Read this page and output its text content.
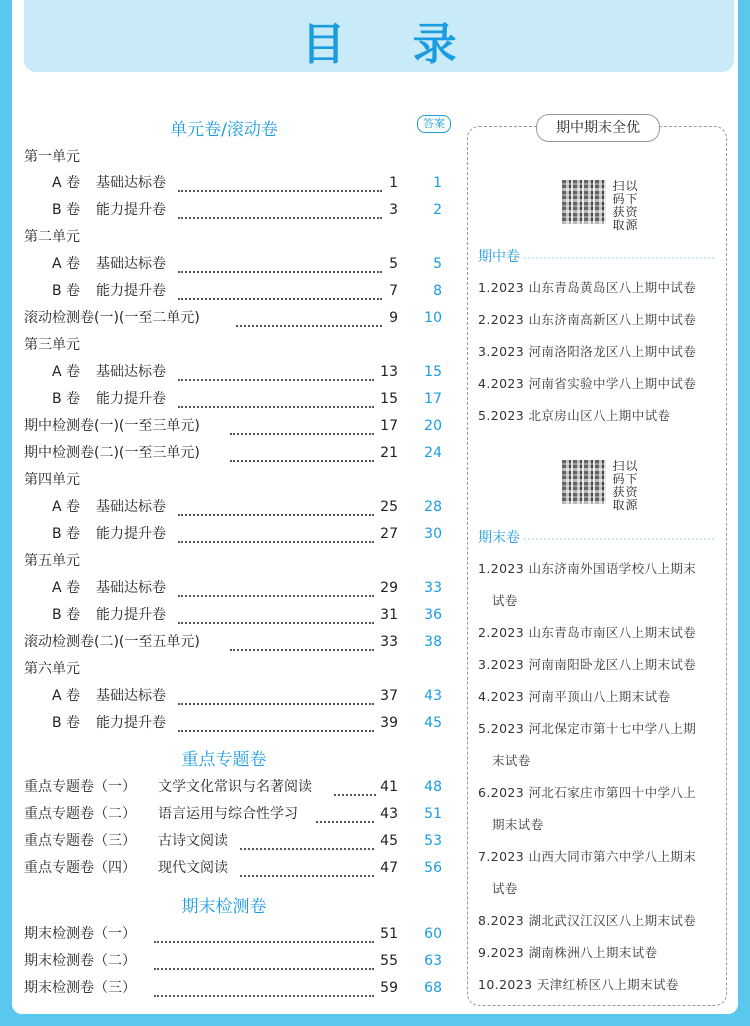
目 录
单元卷/滚动卷	答案
第一单元
A 卷 基础达标卷	1	1
B 卷 能力提升卷	3	2
第二单元
A 卷 基础达标卷	5	5
B 卷 能力提升卷	7	8
滚动检测卷(一)(一至二单元)	9	10
第三单元
A 卷 基础达标卷	13	15
B 卷 能力提升卷	15	17
期中检测卷(一)(一至三单元)	17	20
期中检测卷(二)(一至三单元)	21	24
第四单元
A 卷 基础达标卷	25	28
B 卷 能力提升卷	27	30
第五单元
A 卷 基础达标卷	29	33
B 卷 能力提升卷	31	36
滚动检测卷(二)(一至五单元)	33	38
第六单元
A 卷 基础达标卷	37	43
B 卷 能力提升卷	39	45
重点专题卷
重点专题卷（一） 文学文化常识与名著阅读	41	48
重点专题卷（二） 语言运用与综合性学习	43	51
重点专题卷（三） 古诗文阅读	45	53
重点专题卷（四） 现代文阅读	47	56
期末检测卷
期末检测卷（一）	51	60
期末检测卷（二）	55	63
期末检测卷（三）	59	68
期中期末全优
扫以码下获资取源
期中卷
1.2023 山东青岛黄岛区八上期中试卷
2.2023 山东济南高新区八上期中试卷
3.2023 河南洛阳洛龙区八上期中试卷
4.2023 河南省实验中学八上期中试卷
5.2023 北京房山区八上期中试卷
扫以码下获资取源
期末卷
1.2023 山东济南外国语学校八上期末
试卷
2.2023 山东青岛市南区八上期末试卷
3.2023 河南南阳卧龙区八上期末试卷
4.2023 河南平顶山八上期末试卷
5.2023 河北保定市第十七中学八上期
末试卷
6.2023 河北石家庄市第四十中学八上
期末试卷
7.2023 山西大同市第六中学八上期末
试卷
8.2023 湖北武汉江汉区八上期末试卷
9.2023 湖南株洲八上期末试卷
10.2023 天津红桥区八上期末试卷
